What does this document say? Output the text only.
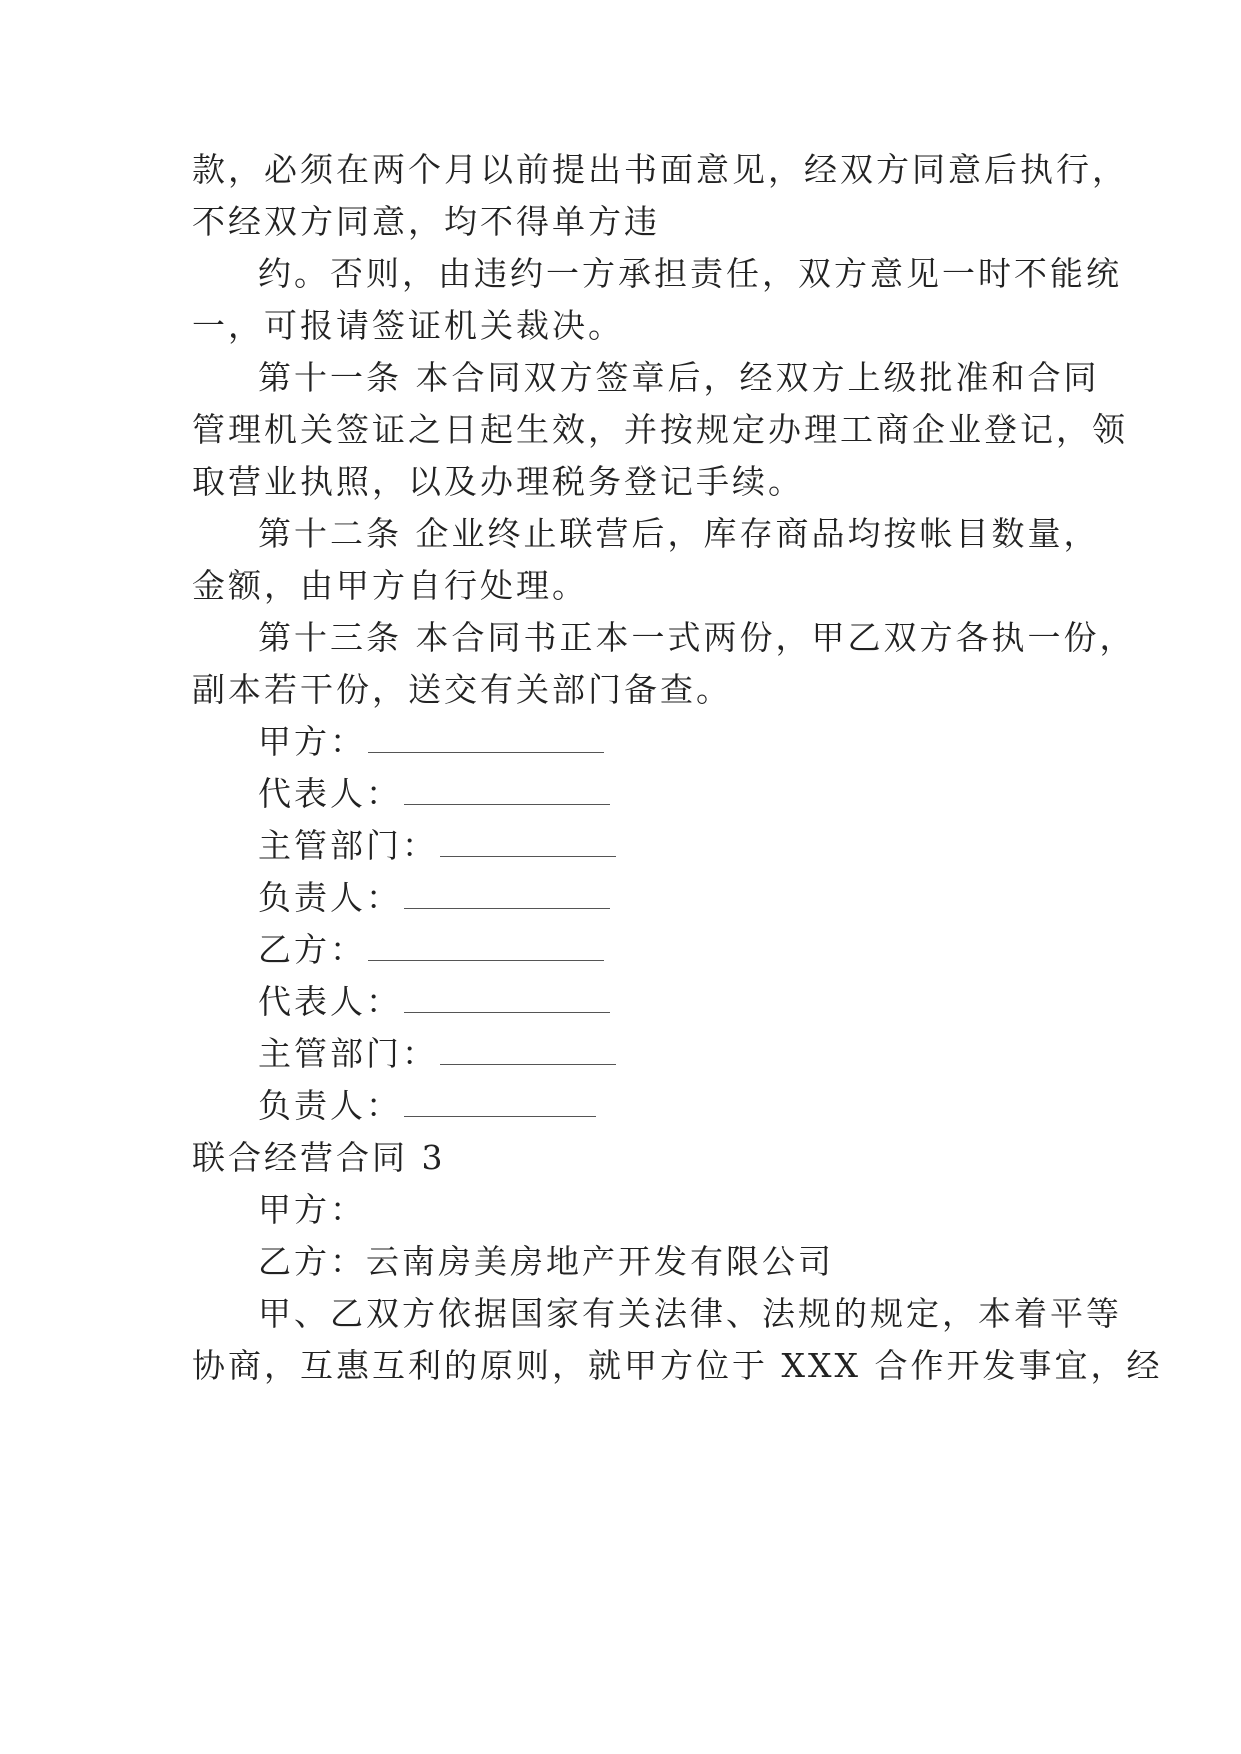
款，必须在两个月以前提出书面意见，经双方同意后执行，
不经双方同意，均不得单方违
约。否则，由违约一方承担责任，双方意见一时不能统
一，可报请签证机关裁决。
第十一条 本合同双方签章后，经双方上级批准和合同
管理机关签证之日起生效，并按规定办理工商企业登记，领
取营业执照，以及办理税务登记手续。
第十二条 企业终止联营后，库存商品均按帐目数量，
金额，由甲方自行处理。
第十三条 本合同书正本一式两份，甲乙双方各执一份，
副本若干份，送交有关部门备查。
甲方：
代表人：
主管部门：
负责人：
乙方：
代表人：
主管部门：
负责人：
联合经营合同 3
甲方：
乙方：云南房美房地产开发有限公司
甲、乙双方依据国家有关法律、法规的规定，本着平等
协商，互惠互利的原则，就甲方位于 XXX 合作开发事宜，经
